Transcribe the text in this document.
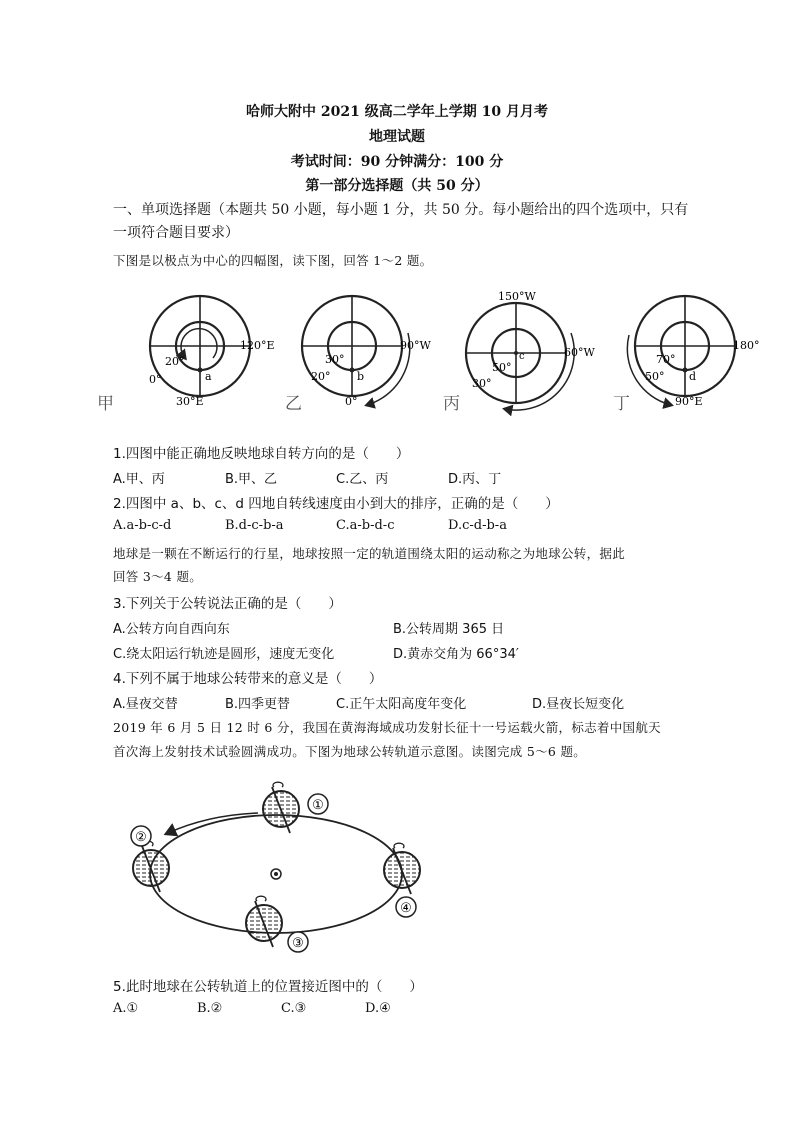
哈师大附中 2021 级高二学年上学期 10 月月考
地理试题
考试时间：90 分钟满分：100 分
第一部分选择题（共 50 分）
一、单项选择题（本题共 50 小题，每小题 1 分，共 50 分。每小题给出的四个选项中，只有
一项符合题目要求）
下图是以极点为中心的四幅图，读下图，回答 1～2 题。
20°
0°	a
120°E
30°E
甲
30°
20° b
90°W
0°
乙
150°W
50°
30°
c	60°W
丙
70°
50° d
180°
90°E
丁
1.四图中能正确地反映地球自转方向的是（　　）
A.甲、丙	B.甲、乙	C.乙、丙	D.丙、丁
2.四图中 a、b、c、d 四地自转线速度由小到大的排序，正确的是（　　）
A.a-b-c-d	B.d-c-b-a	C.a-b-d-c	D.c-d-b-a
地球是一颗在不断运行的行星，地球按照一定的轨道围绕太阳的运动称之为地球公转，据此
回答 3～4 题。
3.下列关于公转说法正确的是（　　）
A.公转方向自西向东	B.公转周期 365 日
C.绕太阳运行轨迹是圆形，速度无变化	D.黄赤交角为 66°34′
4.下列不属于地球公转带来的意义是（　　）
A.昼夜交替	B.四季更替	C.正午太阳高度年变化	D.昼夜长短变化
2019 年 6 月 5 日 12 时 6 分，我国在黄海海域成功发射长征十一号运载火箭，标志着中国航天
首次海上发射技术试验圆满成功。下图为地球公转轨道示意图。读图完成 5～6 题。
①
②
③
④
5.此时地球在公转轨道上的位置接近图中的（　　）
A.①	B.②	C.③	D.④
